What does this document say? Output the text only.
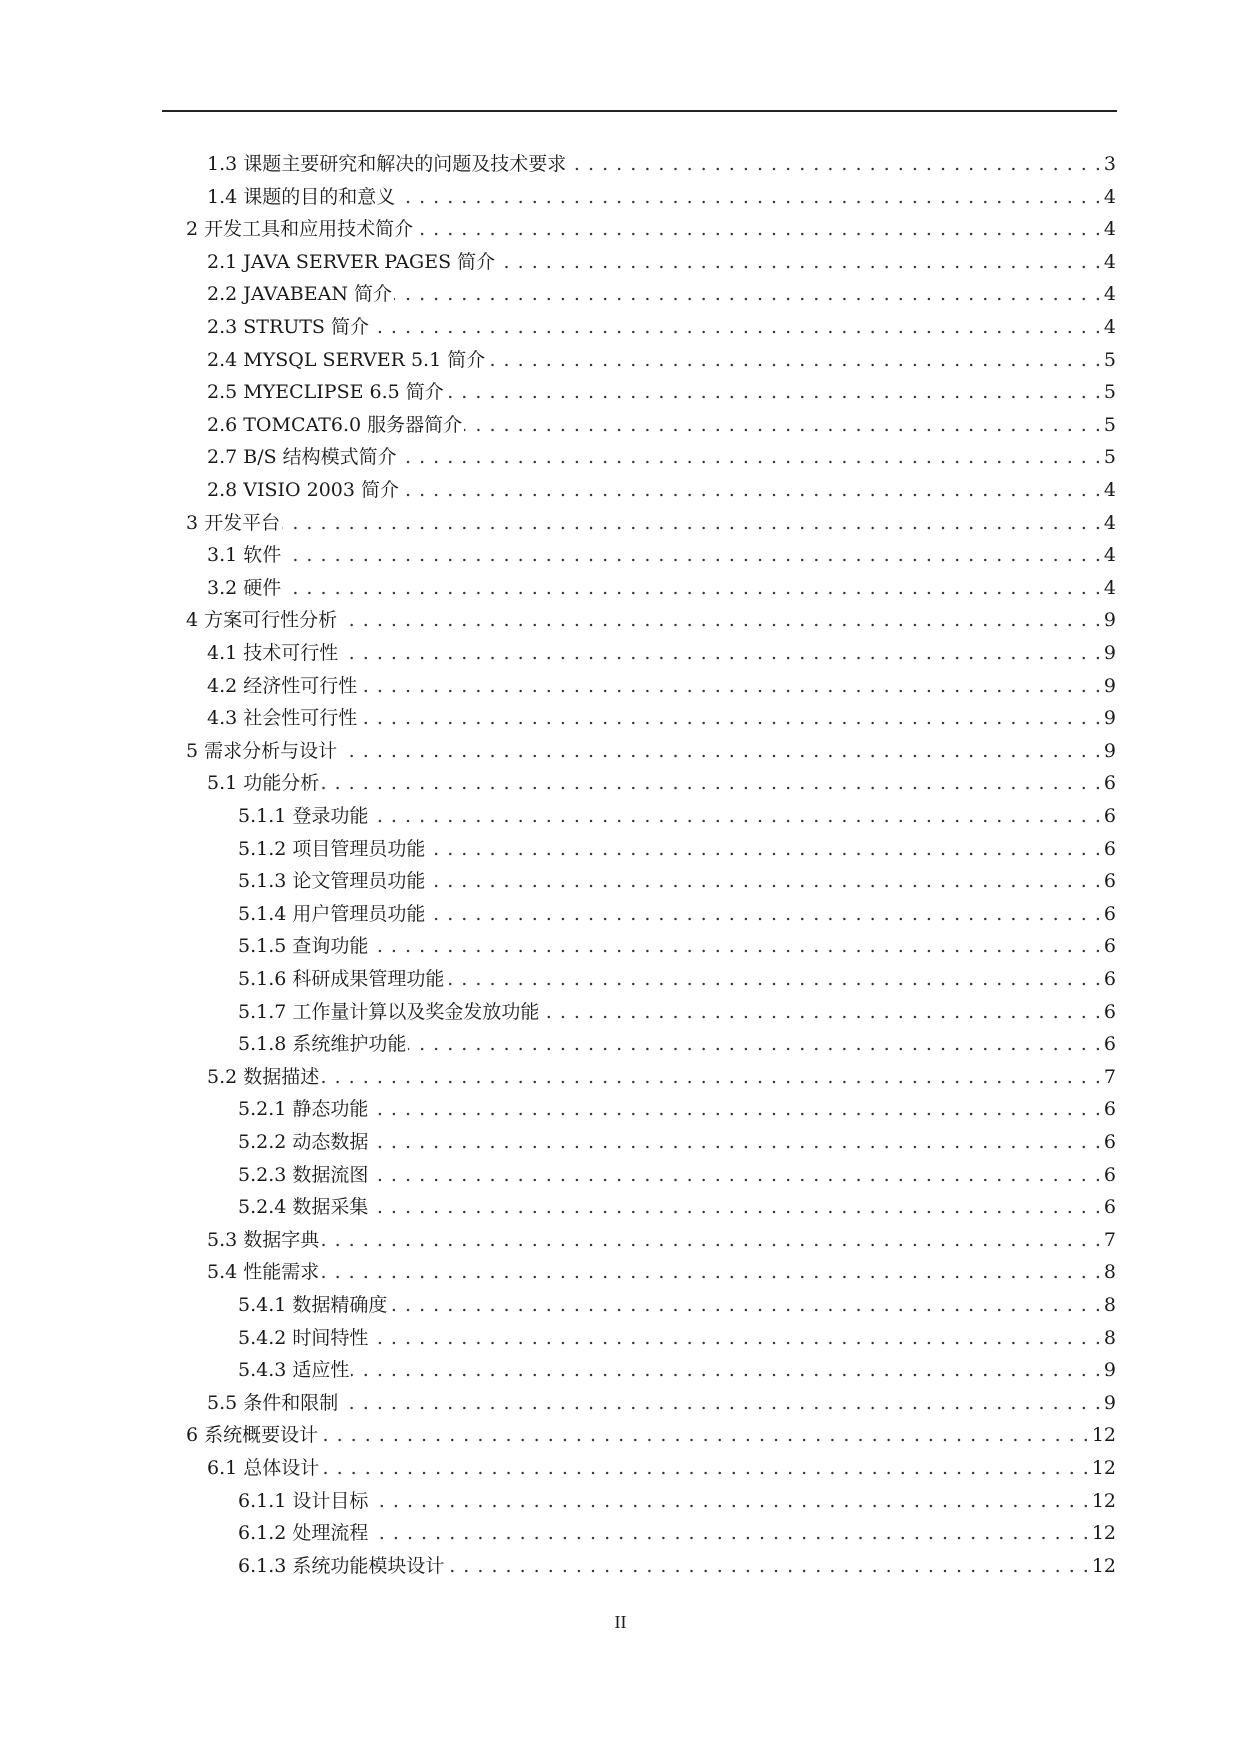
1.3 课题主要研究和解决的问题及技术要求 . . .	3
1.4 课题的目的和意义 . . .	4
2 开发工具和应用技术简介 . . .	4
2.1 JAVA SERVER PAGES 简介 . . .	4
2.2 JAVABEAN 简介 . . .	4
2.3 STRUTS 简介 . . .	4
2.4 MYSQL SERVER 5.1 简介 . . .	5
2.5 MYECLIPSE 6.5 简介 . . .	5
2.6 TOMCAT6.0 服务器简介 . . .	5
2.7 B/S 结构模式简介 . . .	5
2.8 VISIO 2003 简介 . . .	4
3 开发平台 . . .	4
3.1 软件 . . .	4
3.2 硬件 . . .	4
4 方案可行性分析 . . .	9
4.1 技术可行性 . . .	9
4.2 经济性可行性 . . .	9
4.3 社会性可行性 . . .	9
5 需求分析与设计 . . .	9
5.1 功能分析 . . .	6
5.1.1 登录功能 . . .	6
5.1.2 项目管理员功能 . . .	6
5.1.3 论文管理员功能 . . .	6
5.1.4 用户管理员功能 . . .	6
5.1.5 查询功能 . . .	6
5.1.6 科研成果管理功能 . . .	6
5.1.7 工作量计算以及奖金发放功能 . . .	6
5.1.8 系统维护功能 . . .	6
5.2 数据描述 . . .	7
5.2.1 静态功能 . . .	6
5.2.2 动态数据 . . .	6
5.2.3 数据流图 . . .	6
5.2.4 数据采集 . . .	6
5.3 数据字典 . . .	7
5.4 性能需求 . . .	8
5.4.1 数据精确度 . . .	8
5.4.2 时间特性 . . .	8
5.4.3 适应性 . . .	9
5.5 条件和限制 . . .	9
6 系统概要设计 . . .	12
6.1 总体设计 . . .	12
6.1.1 设计目标 . . .	12
6.1.2 处理流程 . . .	12
6.1.3 系统功能模块设计 . . .	12
II
